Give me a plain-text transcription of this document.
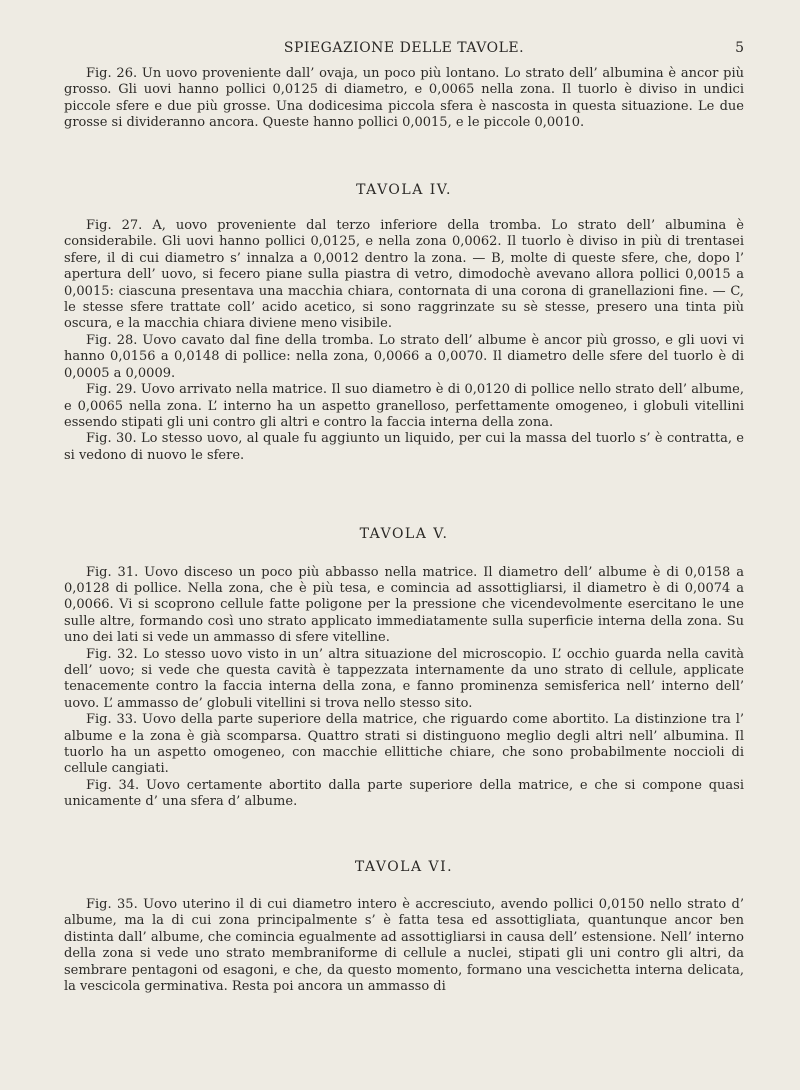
SPIEGAZIONE DELLE TAVOLE.	5

Fig. 26. Un uovo proveniente dall’ ovaja, un poco più lontano. Lo strato dell’ albumina è ancor più grosso. Gli uovi hanno pollici 0,0125 di diametro, e 0,0065 nella zona. Il tuorlo è diviso in undici piccole sfere e due più grosse. Una dodicesima piccola sfera è nascosta in questa situazione. Le due grosse si divideranno ancora. Queste hanno pollici 0,0015, e le piccole 0,0010.

TAVOLA IV.

Fig. 27. A, uovo proveniente dal terzo inferiore della tromba. Lo strato dell’ albumina è considerabile. Gli uovi hanno pollici 0,0125, e nella zona 0,0062. Il tuorlo è diviso in più di trentasei sfere, il di cui diametro s’ innalza a 0,0012 dentro la zona. — B, molte di queste sfere, che, dopo l’ apertura dell’ uovo, si fecero piane sulla piastra di vetro, dimodochè avevano allora pollici 0,0015 a 0,0015: ciascuna presentava una macchia chiara, contornata di una corona di granellazioni fine. — C, le stesse sfere trattate coll’ acido acetico, si sono raggrinzate su sè stesse, presero una tinta più oscura, e la macchia chiara diviene meno visibile.

Fig. 28. Uovo cavato dal fine della tromba. Lo strato dell’ albume è ancor più grosso, e gli uovi vi hanno 0,0156 a 0,0148 di pollice: nella zona, 0,0066 a 0,0070. Il diametro delle sfere del tuorlo è di 0,0005 a 0,0009.

Fig. 29. Uovo arrivato nella matrice. Il suo diametro è di 0,0120 di pollice nello strato dell’ albume, e 0,0065 nella zona. L’ interno ha un aspetto granelloso, perfettamente omogeneo, i globuli vitellini essendo stipati gli uni contro gli altri e contro la faccia interna della zona.

Fig. 30. Lo stesso uovo, al quale fu aggiunto un liquido, per cui la massa del tuorlo s’ è contratta, e si vedono di nuovo le sfere.

TAVOLA V.

Fig. 31. Uovo disceso un poco più abbasso nella matrice. Il diametro dell’ albume è di 0,0158 a 0,0128 di pollice. Nella zona, che è più tesa, e comincia ad assottigliarsi, il diametro è di 0,0074 a 0,0066. Vi si scoprono cellule fatte poligone per la pressione che vicendevolmente esercitano le une sulle altre, formando così uno strato applicato immediatamente sulla superficie interna della zona. Su uno dei lati si vede un ammasso di sfere vitelline.

Fig. 32. Lo stesso uovo visto in un’ altra situazione del microscopio. L’ occhio guarda nella cavità dell’ uovo; si vede che questa cavità è tappezzata internamente da uno strato di cellule, applicate tenacemente contro la faccia interna della zona, e fanno prominenza semisferica nell’ interno dell’ uovo. L’ ammasso de’ globuli vitellini si trova nello stesso sito.

Fig. 33. Uovo della parte superiore della matrice, che riguardo come abortito. La distinzione tra l’ albume e la zona è già scomparsa. Quattro strati si distinguono meglio degli altri nell’ albumina. Il tuorlo ha un aspetto omogeneo, con macchie ellittiche chiare, che sono probabilmente noccioli di cellule cangiati.

Fig. 34. Uovo certamente abortito dalla parte superiore della matrice, e che si compone quasi unicamente d’ una sfera d’ albume.

TAVOLA VI.

Fig. 35. Uovo uterino il di cui diametro intero è accresciuto, avendo pollici 0,0150 nello strato d’ albume, ma la di cui zona principalmente s’ è fatta tesa ed assottigliata, quantunque ancor ben distinta dall’ albume, che comincia egualmente ad assottigliarsi in causa dell’ estensione. Nell’ interno della zona si vede uno strato membraniforme di cellule a nuclei, stipati gli uni contro gli altri, da sembrare pentagoni od esagoni, e che, da questo momento, formano una vescichetta interna delicata, la vescicola germinativa. Resta poi ancora un ammasso di
